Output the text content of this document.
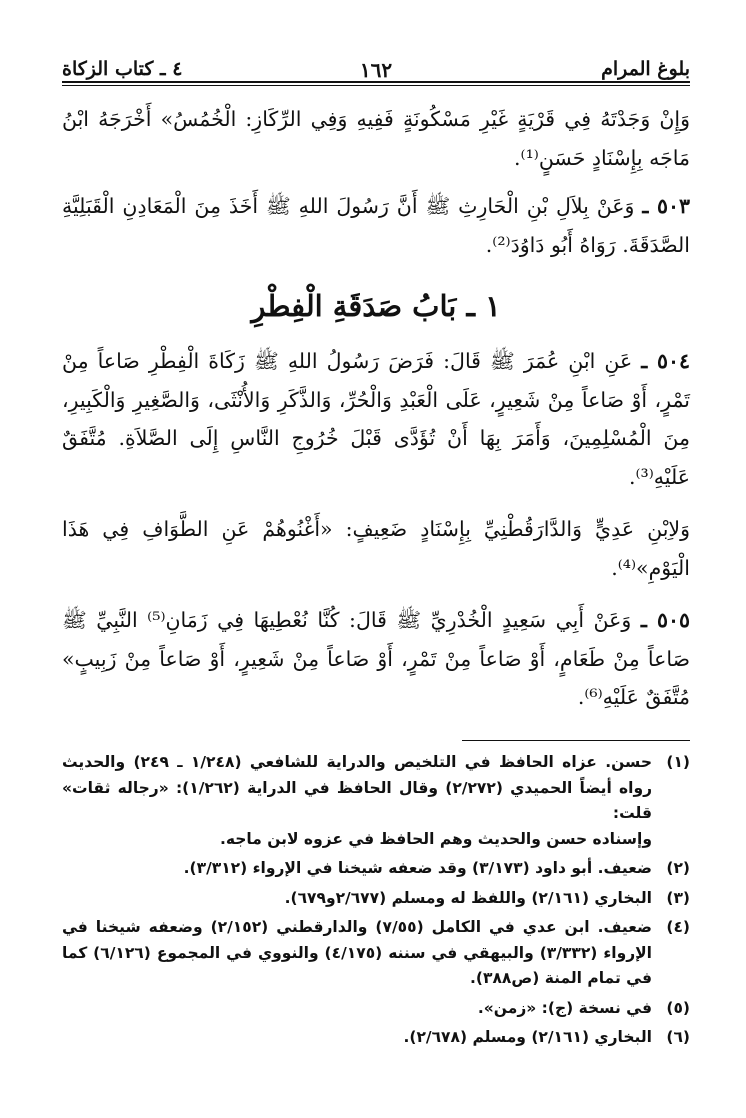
بلوغ المرام
١٦٢
٤ ـ كتاب الزكاة

وَإِنْ وَجَدْتَهُ فِي قَرْيَةٍ غَيْرِ مَسْكُونَةٍ فَفِيهِ وَفِي الرِّكَازِ: الْخُمُسُ» أَخْرَجَهُ ابْنُ مَاجَه بِإِسْنَادٍ حَسَنٍ⁽¹⁾.

٥٠٣ ـ وَعَنْ بِلاَلِ بْنِ الْحَارِثِ ﷺ أَنَّ رَسُولَ اللهِ ﷺ أَخَذَ مِنَ الْمَعَادِنِ الْقَبَلِيَّةِ الصَّدَقَةَ. رَوَاهُ أَبُو دَاوُدَ⁽²⁾.

١ ـ بَابُ صَدَقَةِ الْفِطْرِ

٥٠٤ ـ عَنِ ابْنِ عُمَرَ ﷺ قَالَ: فَرَضَ رَسُولُ اللهِ ﷺ زَكَاةَ الْفِطْرِ صَاعاً مِنْ تَمْرٍ، أَوْ صَاعاً مِنْ شَعِيرٍ، عَلَى الْعَبْدِ وَالْحُرِّ، وَالذَّكَرِ وَالأُنْثَى، وَالصَّغِيرِ وَالْكَبِيرِ، مِنَ الْمُسْلِمِينَ، وَأَمَرَ بِهَا أَنْ تُؤَدَّى قَبْلَ خُرُوجِ النَّاسِ إِلَى الصَّلاَةِ. مُتَّفَقٌ عَلَيْهِ⁽³⁾.

وَلاِبْنِ عَدِيٍّ وَالدَّارَقُطْنِيِّ بِإِسْنَادٍ ضَعِيفٍ: «أَغْنُوهُمْ عَنِ الطَّوَافِ فِي هَذَا الْيَوْمِ»⁽⁴⁾.

٥٠٥ ـ وَعَنْ أَبِي سَعِيدٍ الْخُدْرِيِّ ﷺ قَالَ: كُنَّا نُعْطِيهَا فِي زَمَانِ⁽⁵⁾ النَّبِيِّ ﷺ صَاعاً مِنْ طَعَامٍ، أَوْ صَاعاً مِنْ تَمْرٍ، أَوْ صَاعاً مِنْ شَعِيرٍ، أَوْ صَاعاً مِنْ زَبِيبٍ» مُتَّفَقٌ عَلَيْهِ⁽⁶⁾.

(١)

حسن. عزاه الحافظ في التلخيص والدراية للشافعي (١/٢٤٨ ـ ٢٤٩) والحديث رواه أيضاً الحميدي (٢/٢٧٢) وقال الحافظ في الدراية (١/٢٦٢): «رجاله ثقات» قلت:

وإسناده حسن والحديث وهم الحافظ في عزوه لابن ماجه.

(٢)

ضعيف. أبو داود (٣/١٧٣) وقد ضعفه شيخنا في الإرواء (٣/٣١٢).

(٣)

البخاري (٢/١٦١) واللفظ له ومسلم (٢/٦٧٧و٦٧٩).

(٤)

ضعيف. ابن عدي في الكامل (٧/٥٥) والدارقطني (٢/١٥٢) وضعفه شيخنا في الإرواء (٣/٣٣٢) والبيهقي في سننه (٤/١٧٥) والنووي في المجموع (٦/١٢٦) كما في تمام المنة (ص٣٨٨).

(٥)

في نسخة (ج): «زمن».

(٦)

البخاري (٢/١٦١) ومسلم (٢/٦٧٨).
